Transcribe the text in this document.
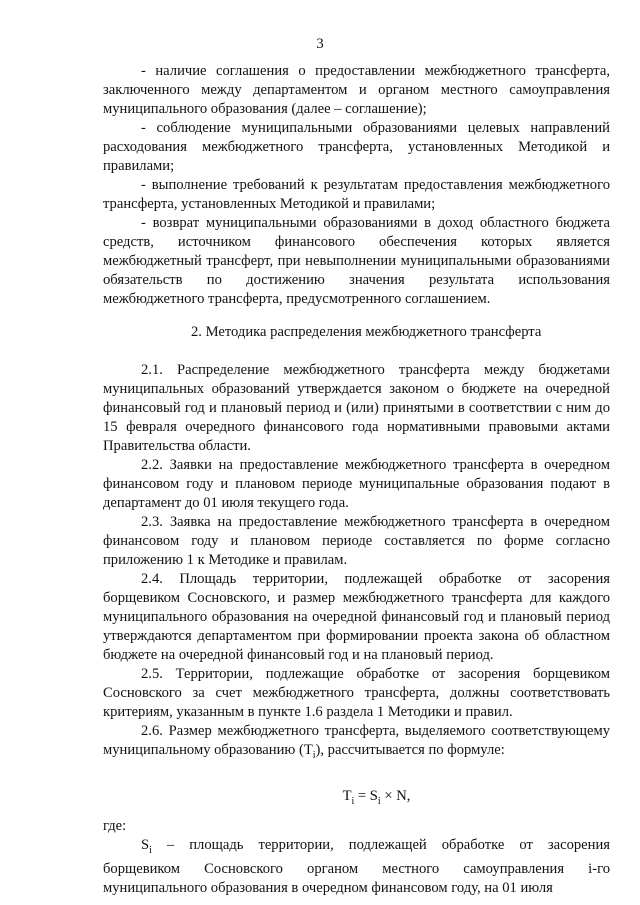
3

- наличие соглашения о предоставлении межбюджетного трансферта, заключенного между департаментом и органом местного самоуправления муниципального образования (далее – соглашение);

- соблюдение муниципальными образованиями целевых направлений расходования межбюджетного трансферта, установленных Методикой и правилами;

- выполнение требований к результатам предоставления межбюджетного трансферта, установленных Методикой и правилами;

- возврат муниципальными образованиями в доход областного бюджета средств, источником финансового обеспечения которых является межбюджетный трансферт, при невыполнении муниципальными образованиями обязательств по достижению значения результата использования межбюджетного трансферта, предусмотренного соглашением.

2. Методика распределения межбюджетного трансферта

2.1. Распределение межбюджетного трансферта между бюджетами муниципальных образований утверждается законом о бюджете на очередной финансовый год и плановый период и (или) принятыми в соответствии с ним до 15 февраля очередного финансового года нормативными правовыми актами Правительства области.

2.2. Заявки на предоставление межбюджетного трансферта в очередном финансовом году и плановом периоде муниципальные образования подают в департамент до 01 июля текущего года.

2.3. Заявка на предоставление межбюджетного трансферта в очередном финансовом году и плановом периоде составляется по форме согласно приложению 1 к Методике и правилам.

2.4. Площадь территории, подлежащей обработке от засорения борщевиком Сосновского, и размер межбюджетного трансферта для каждого муниципального образования на очередной финансовый год и плановый период утверждаются департаментом при формировании проекта закона об областном бюджете на очередной финансовый год и на плановый период.

2.5. Территории, подлежащие обработке от засорения борщевиком Сосновского за счет межбюджетного трансферта, должны соответствовать критериям, указанным в пункте 1.6 раздела 1 Методики и правил.

2.6. Размер межбюджетного трансферта, выделяемого соответствующему муниципальному образованию $(T_i)$, рассчитывается по формуле:

$T_i = S_i \times N$,

где:

$S_i$ – площадь территории, подлежащей обработке от засорения борщевиком Сосновского органом местного самоуправления i-го муниципального образования в очередном финансовом году, на 01 июля
